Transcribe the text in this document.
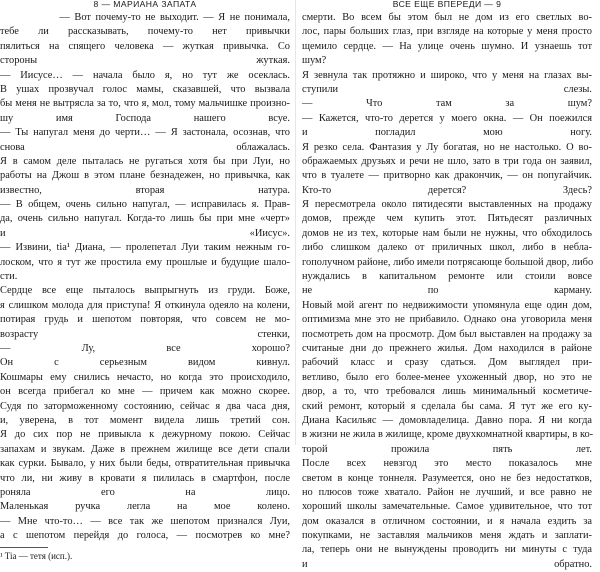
8 — МАРИАНА ЗАПАТА
— Вот почему-то не выходит. — Я не понимала,
тебе ли рассказывать, почему-то нет привычки
пялиться на спящего человека — жуткая привычка. Со
стороны жуткая.
— Иисусе… — начала было я, но тут же осеклась.
В ушах прозвучал голос мамы, сказавшей, что вызвала
бы меня не вытрясла за то, что я, мол, тому мальчишке произно-
шу имя Господа нашего всуе.
— Ты напугал меня до черти… — Я застонала, осознав, что
снова облажалась.
Я в самом деле пыталась не ругаться хотя бы при Луи, но
работы на Джош в этом плане безнадежен, но привычка, как
известно, вторая натура.
— В общем, очень сильно напугал, — исправилась я. Прав-
да, очень сильно напугал. Когда-то лишь бы при мне «черт»
и «Иисус».
— Извини, tia¹ Диана, — пролепетал Луи таким нежным го-
лоском, что я тут же простила ему прошлые и будущие шало-
сти.
Сердце все еще пыталось выпрыгнуть из груди. Боже,
я слишком молода для приступа! Я откинула одеяло на колени,
потирая грудь и шепотом повторяя, что совсем не мо-
возрасту стенки,
— Лу, все хорошо?
Он с серьезным видом кивнул.
Кошмары ему снились нечасто, но когда это происходило,
он всегда прибегал ко мне — причем как можно скорее.
Судя по заторможенному состоянию, сейчас я два часа дня,
и, уверена, в тот момент видела лишь третий сон.
Я до сих пор не привыкла к дежурному покою. Сейчас
запахам и звукам. Даже в прежнем жилище все дети спали
как сурки. Бывало, у них были беды, отвратительная привычка
что ли, ни живу в кровати я пилилась в смартфон, после
роняла его на лицо.
Маленькая ручка легла на мое колено.
— Мне что-то… — все так же шепотом признался Луи,
а с шепотом перейдя до голоса, — посмотрев ко мне?
¹ Tia — тетя (исп.).
ВСЕ ЕЩЕ ВПЕРЕДИ — 9
смерти. Во всем бы этом был не дом из его светлых во-
лос, пары больших глаз, при взгляде на которые у меня просто
щемило сердце. — На улице очень шумно. И узнаешь тот
шум?
Я зевнула так протяжно и широко, что у меня на глазах вы-
ступили слезы.
— Что там за шум?
— Кажется, что-то дерется у моего окна. — Он поежился
и погладил мою ногу.
Я резко села. Фантазия у Лу богатая, но не настолько. О во-
ображаемых друзьях и речи не шло, зато в три года он заявил,
что в туалете — притворно как дракончик, — он попугайчик.
Кто-то дерется? Здесь?
Я пересмотрела около пятидесяти выставленных на продажу
домов, прежде чем купить этот. Пятьдесят различных
домов не из тех, которые нам были не нужны, что обходилось
либо слишком далеко от приличных школ, либо в небла-
гополучном районе, либо имели потрясающе большой двор, либо
нуждались в капитальном ремонте или стоили вовсе
не по карману.
Новый мой агент по недвижимости упомянула еще один дом,
оптимизма мне это не прибавило. Однако она уговорила меня
посмотреть дом на просмотр. Дом был выставлен на продажу за
считаные дни до прежнего жилья. Дом находился в районе
рабочий класс и сразу сдаться. Дом выглядел при-
ветливо, было его более-менее ухоженный двор, но это не
двор, а то, что требовался лишь минимальный косметиче-
ский ремонт, который я сделала бы сама. Я тут же его ку-
Диана Касильяс — домовладелица. Давно пора. Я ни когда
в жизни не жила в жилище, кроме двухкомнатной квартиры, в ко-
торой прожила пять лет.
После всех невзгод это место показалось мне
светом в конце тоннеля. Разумеется, оно не без недостатков,
но плюсов тоже хватало. Район не лучший, и все равно не
хороший школы замечательные. Самое удивительное, что тот
дом оказался в отличном состоянии, и я начала ездить за
покупками, не заставляя мальчиков меня ждать и заплати-
ла, теперь они не вынуждены проводить ни минуты с туда
и обратно.
